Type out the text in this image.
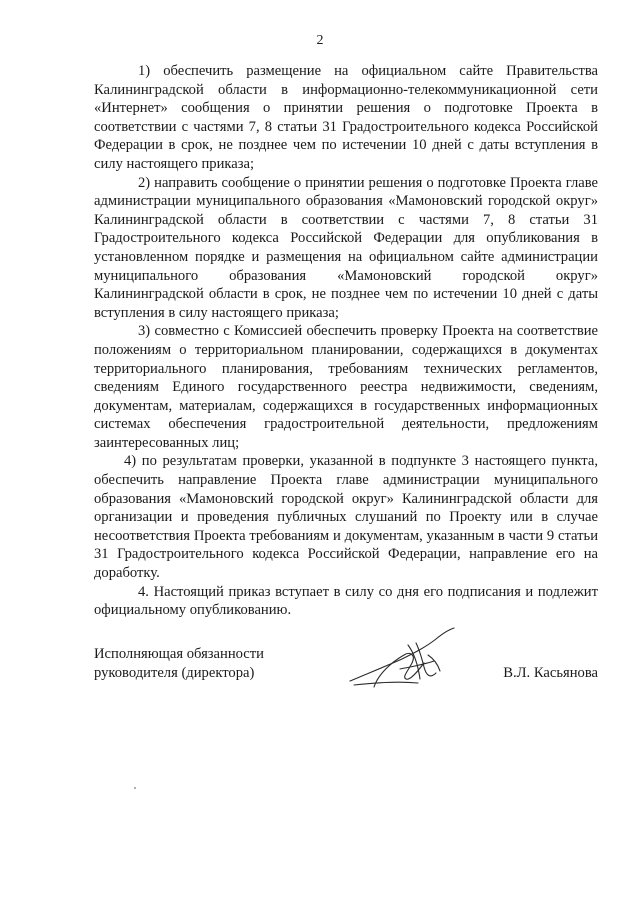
2

1) обеспечить размещение на официальном сайте Правительства Калининградской области в информационно-телекоммуникационной сети «Интернет» сообщения о принятии решения о подготовке Проекта в соответствии с частями 7, 8 статьи 31 Градостроительного кодекса Российской Федерации в срок, не позднее чем по истечении 10 дней с даты вступления в силу настоящего приказа;

2) направить сообщение о принятии решения о подготовке Проекта главе администрации муниципального образования «Мамоновский городской округ» Калининградской области в соответствии с частями 7, 8 статьи 31 Градостроительного кодекса Российской Федерации для опубликования в установленном порядке и размещения на официальном сайте администрации муниципального образования «Мамоновский городской округ» Калининградской области в срок, не позднее чем по истечении 10 дней с даты вступления в силу настоящего приказа;

3) совместно с Комиссией обеспечить проверку Проекта на соответствие положениям о территориальном планировании, содержащихся в документах территориального планирования, требованиям технических регламентов, сведениям Единого государственного реестра недвижимости, сведениям, документам, материалам, содержащихся в государственных информационных системах обеспечения градостроительной деятельности, предложениям заинтересованных лиц;

4) по результатам проверки, указанной в подпункте 3 настоящего пункта, обеспечить направление Проекта главе администрации муниципального образования «Мамоновский городской округ» Калининградской области для организации и проведения публичных слушаний по Проекту или в случае несоответствия Проекта требованиям и документам, указанным в части 9 статьи 31 Градостроительного кодекса Российской Федерации, направление его на доработку.

4. Настоящий приказ вступает в силу со дня его подписания и подлежит официальному опубликованию.

Исполняющая обязанности руководителя (директора)	В.Л. Касьянова
